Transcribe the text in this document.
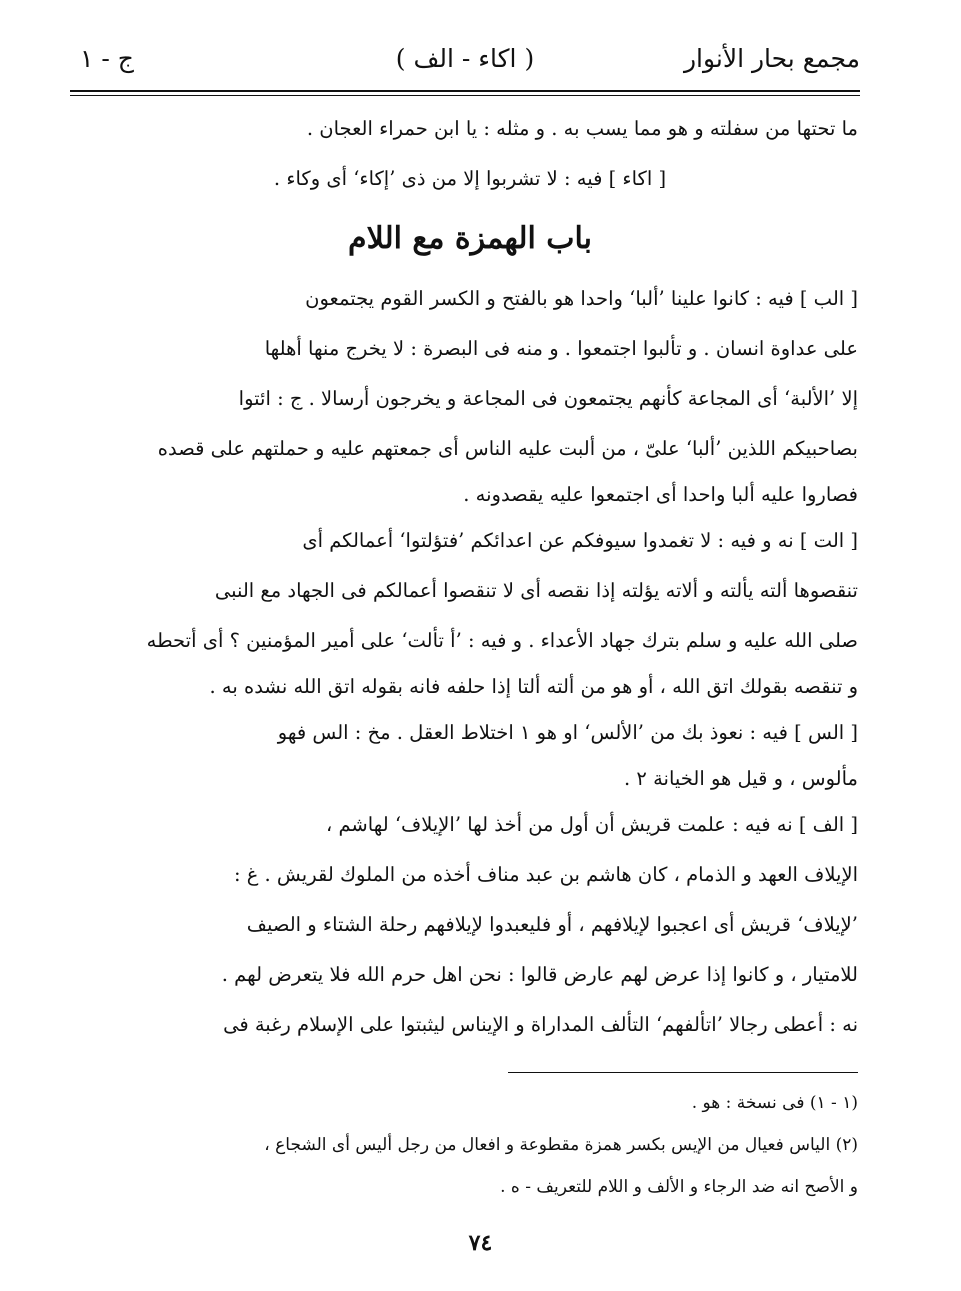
مجمع بحار الأنوار
( اكاء - الف )
ج - ١
ما تحتها من سفلته و هو مما يسب به . و مثله : يا ابن حمراء العجان .
[ اكاء ] فيه : لا تشربوا إلا من ذى ’إكاء‘ أى وكاء .
باب الهمزة مع اللام
[ الب ] فيه : كانوا علينا ’ألبا‘ واحدا هو بالفتح و الكسر القوم يجتمعون
على عداوة انسان . و تألبوا اجتمعوا . و منه فى البصرة : لا يخرج منها أهلها
إلا ’الألبة‘ أى المجاعة كأنهم يجتمعون فى المجاعة و يخرجون أرسالا . ج : ائتوا
بصاحبيكم اللذين ’ألبا‘ علىّ ، من ألبت عليه الناس أى جمعتهم عليه و حملتهم على قصده
فصاروا عليه ألبا واحدا أى اجتمعوا عليه يقصدونه .
[ الت ] نه و فيه : لا تغمدوا سيوفكم عن اعدائكم ’فتؤلتوا‘ أعمالكم أى
تنقصوها ألته يألته و ألاته يؤلته إذا نقصه أى لا تنقصوا أعمالكم فى الجهاد مع النبى
صلى الله عليه و سلم بترك جهاد الأعداء . و فيه : ’أ تألت‘ على أمير المؤمنين ؟ أى أتحطه
و تنقصه بقولك اتق الله ، أو هو من ألته ألتا إذا حلفه فانه بقوله اتق الله نشده به .
[ الس ] فيه : نعوذ بك من ’الألس‘ او هو ١ اختلاط العقل . مخ : الس فهو
مألوس ، و قيل هو الخيانة ٢ .
[ الف ] نه فيه : علمت قريش أن أول من أخذ لها ’الإيلاف‘ لهاشم ،
الإيلاف العهد و الذمام ، كان هاشم بن عبد مناف أخذه من الملوك لقريش . غ :
’لإيلاف‘ قريش أى اعجبوا لإيلافهم ، أو فليعبدوا لإيلافهم رحلة الشتاء و الصيف
للامتيار ، و كانوا إذا عرض لهم عارض قالوا : نحن اهل حرم الله فلا يتعرض لهم .
نه : أعطى رجالا ’اتألفهم‘ التألف المداراة و الإيناس ليثبتوا على الإسلام رغبة فى
(١ - ١) فى نسخة : هو .
(٢) الياس فعيال من الإيس بكسر همزة مقطوعة و افعال من رجل أليس أى الشجاع ،
و الأصح انه ضد الرجاء و الألف و اللام للتعريف - ه .
٧٤
